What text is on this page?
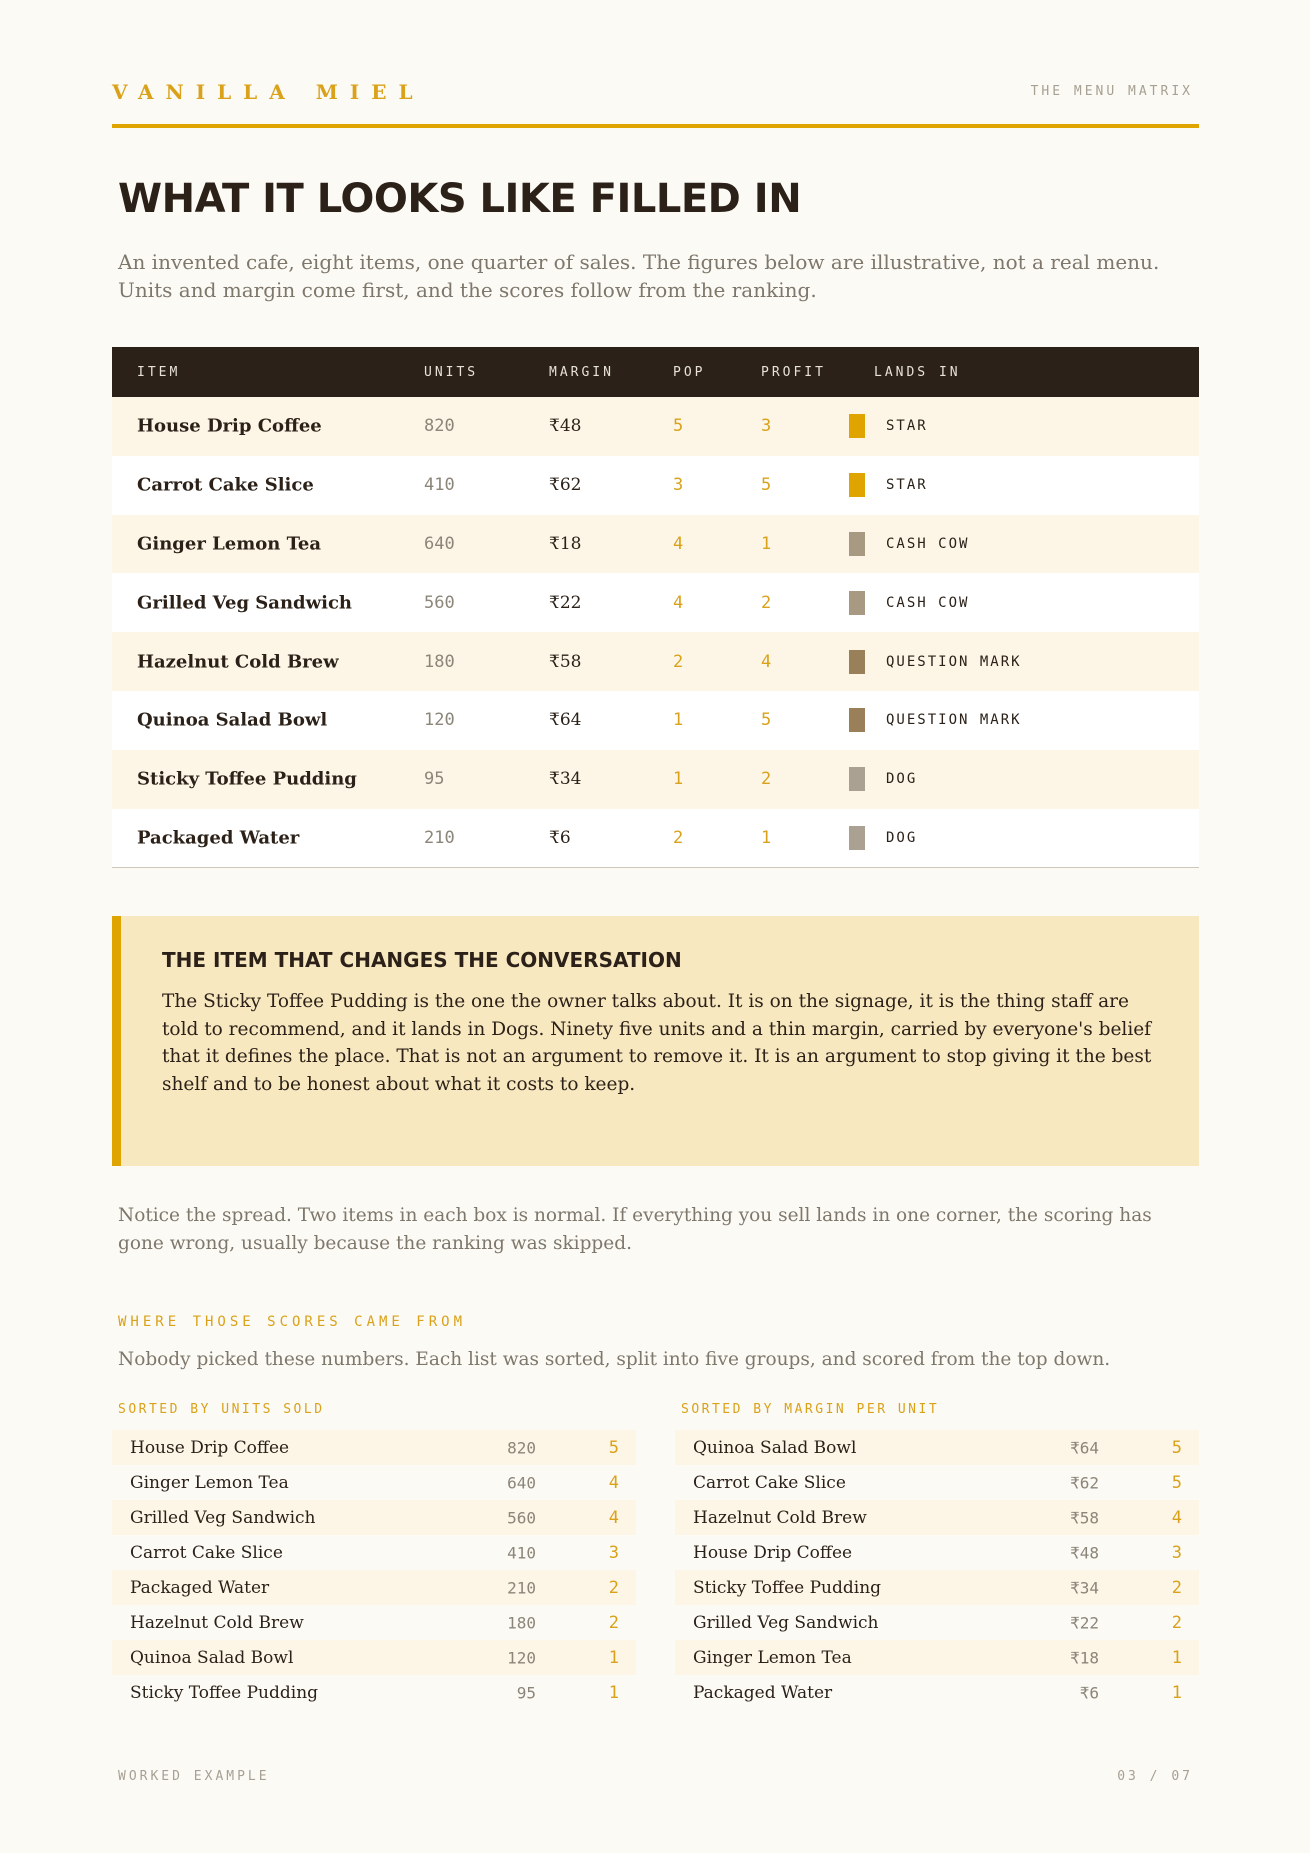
VANILLA MIEL	THE MENU MATRIX
WHAT IT LOOKS LIKE FILLED IN

An invented cafe, eight items, one quarter of sales. The figures below are illustrative, not a real menu. Units and margin come first, and the scores follow from the ranking.

ITEM	UNITS	MARGIN	POP	PROFIT	LANDS IN
House Drip Coffee	820	₹48	5	3	STAR
Carrot Cake Slice	410	₹62	3	5	STAR
Ginger Lemon Tea	640	₹18	4	1	CASH COW
Grilled Veg Sandwich	560	₹22	4	2	CASH COW
Hazelnut Cold Brew	180	₹58	2	4	QUESTION MARK
Quinoa Salad Bowl	120	₹64	1	5	QUESTION MARK
Sticky Toffee Pudding	95	₹34	1	2	DOG
Packaged Water	210	₹6	2	1	DOG
THE ITEM THAT CHANGES THE CONVERSATION

The Sticky Toffee Pudding is the one the owner talks about. It is on the signage, it is the thing staff are told to recommend, and it lands in Dogs. Ninety five units and a thin margin, carried by everyone's belief that it defines the place. That is not an argument to remove it. It is an argument to stop giving it the best shelf and to be honest about what it costs to keep.

Notice the spread. Two items in each box is normal. If everything you sell lands in one corner, the scoring has gone wrong, usually because the ranking was skipped.

WHERE THOSE SCORES CAME FROM

Nobody picked these numbers. Each list was sorted, split into five groups, and scored from the top down.

SORTED BY UNITS SOLD
House Drip Coffee	820	5
Ginger Lemon Tea	640	4
Grilled Veg Sandwich	560	4
Carrot Cake Slice	410	3
Packaged Water	210	2
Hazelnut Cold Brew	180	2
Quinoa Salad Bowl	120	1
Sticky Toffee Pudding	95	1
SORTED BY MARGIN PER UNIT
Quinoa Salad Bowl	₹64	5
Carrot Cake Slice	₹62	5
Hazelnut Cold Brew	₹58	4
House Drip Coffee	₹48	3
Sticky Toffee Pudding	₹34	2
Grilled Veg Sandwich	₹22	2
Ginger Lemon Tea	₹18	1
Packaged Water	₹6	1
WORKED EXAMPLE	03 / 07
